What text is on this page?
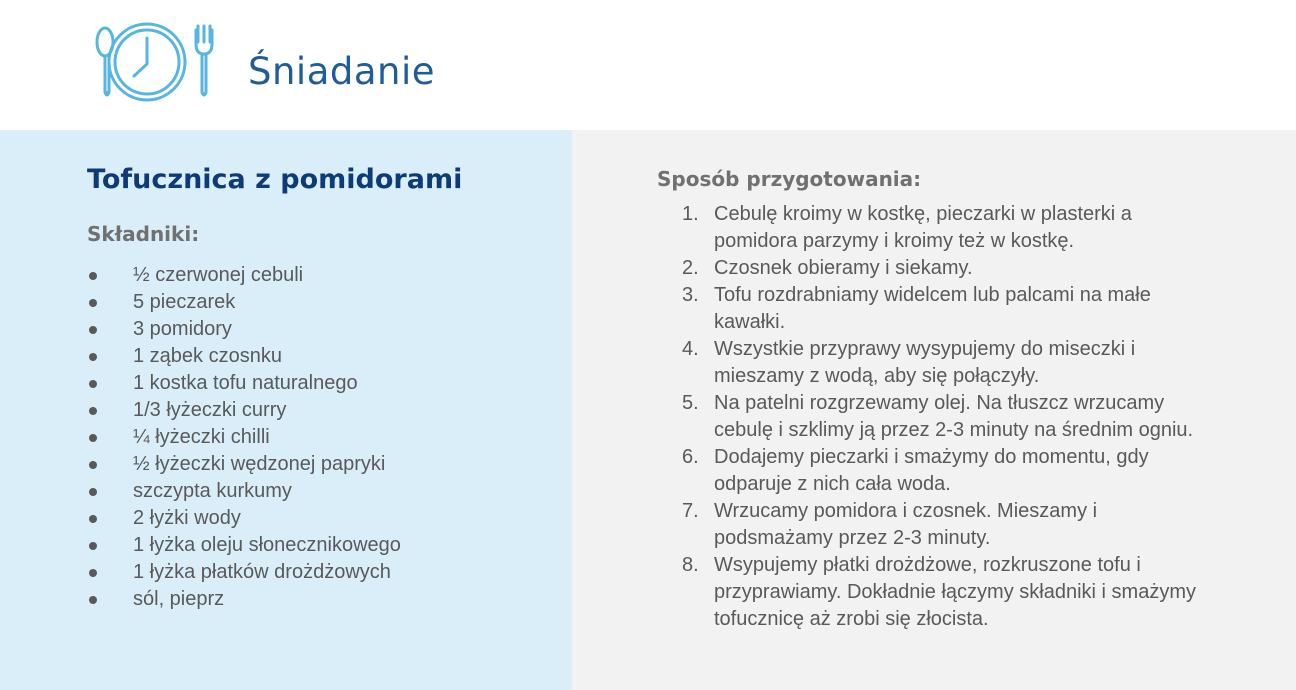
Śniadanie
Tofucznica z pomidorami
Składniki:
½ czerwonej cebuli
5 pieczarek
3 pomidory
1 ząbek czosnku
1 kostka tofu naturalnego
1/3 łyżeczki curry
¼ łyżeczki chilli
½ łyżeczki wędzonej papryki
szczypta kurkumy
2 łyżki wody
1 łyżka oleju słonecznikowego
1 łyżka płatków drożdżowych
sól, pieprz
Sposób przygotowania:
1. Cebulę kroimy w kostkę, pieczarki w plasterki a pomidora parzymy i kroimy też w kostkę.
2. Czosnek obieramy i siekamy.
3. Tofu rozdrabniamy widelcem lub palcami na małe kawałki.
4. Wszystkie przyprawy wysypujemy do miseczki i mieszamy z wodą, aby się połączyły.
5. Na patelni rozgrzewamy olej. Na tłuszcz wrzucamy cebulę i szklimy ją przez 2-3 minuty na średnim ogniu.
6. Dodajemy pieczarki i smażymy do momentu, gdy odparuje z nich cała woda.
7. Wrzucamy pomidora i czosnek. Mieszamy i podsmażamy przez 2-3 minuty.
8. Wsypujemy płatki drożdżowe, rozkruszone tofu i przyprawiamy. Dokładnie łączymy składniki i smażymy tofucznicę aż zrobi się złocista.
